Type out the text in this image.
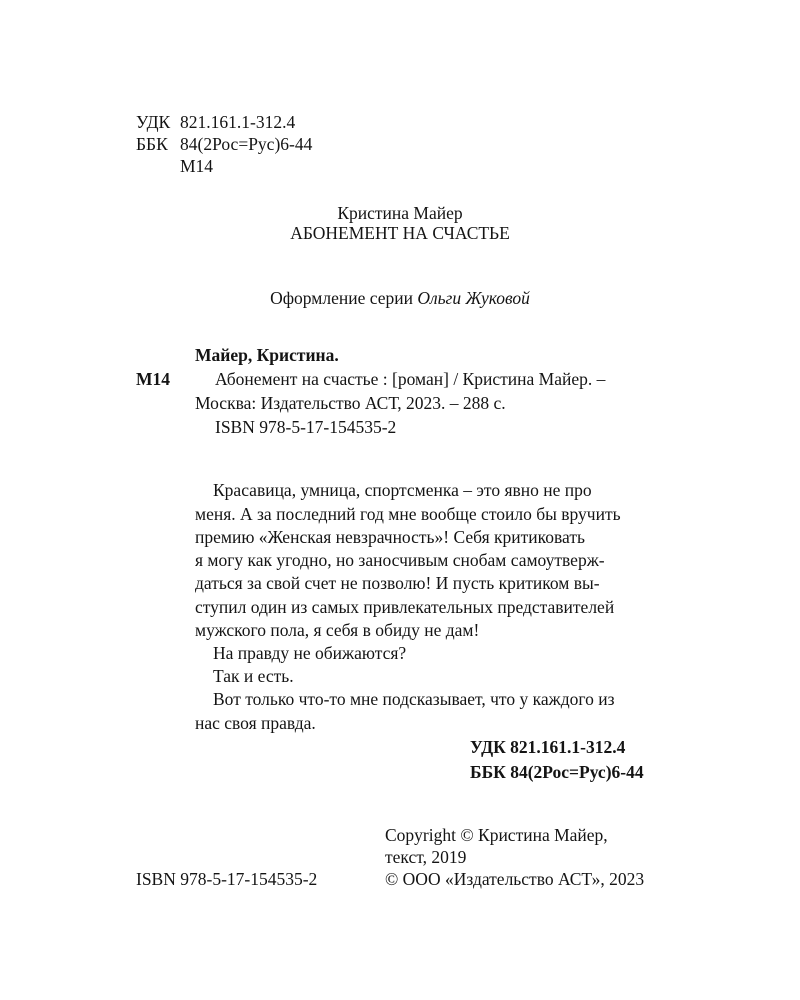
УДК 821.161.1-312.4
ББК 84(2Рос=Рус)6-44
М14
Кристина Майер
АБОНЕМЕНТ НА СЧАСТЬЕ
Оформление серии Ольги Жуковой
Майер, Кристина.
М14	Абонемент на счастье : [роман] / Кристина Майер. –
Москва: Издательство АСТ, 2023. – 288 с.
ISBN 978-5-17-154535-2
Красавица, умница, спортсменка – это явно не про
меня. А за последний год мне вообще стоило бы вручить
премию «Женская невзрачность»! Себя критиковать
я могу как угодно, но заносчивым снобам самоутверж-
даться за свой счет не позволю! И пусть критиком вы-
ступил один из самых привлекательных представителей
мужского пола, я себя в обиду не дам!
На правду не обижаются?
Так и есть.
Вот только что-то мне подсказывает, что у каждого из
нас своя правда.
УДК 821.161.1-312.4
ББК 84(2Рос=Рус)6-44
Copyright © Кристина Майер,
текст, 2019
ISBN 978-5-17-154535-2	© ООО «Издательство АСТ», 2023
